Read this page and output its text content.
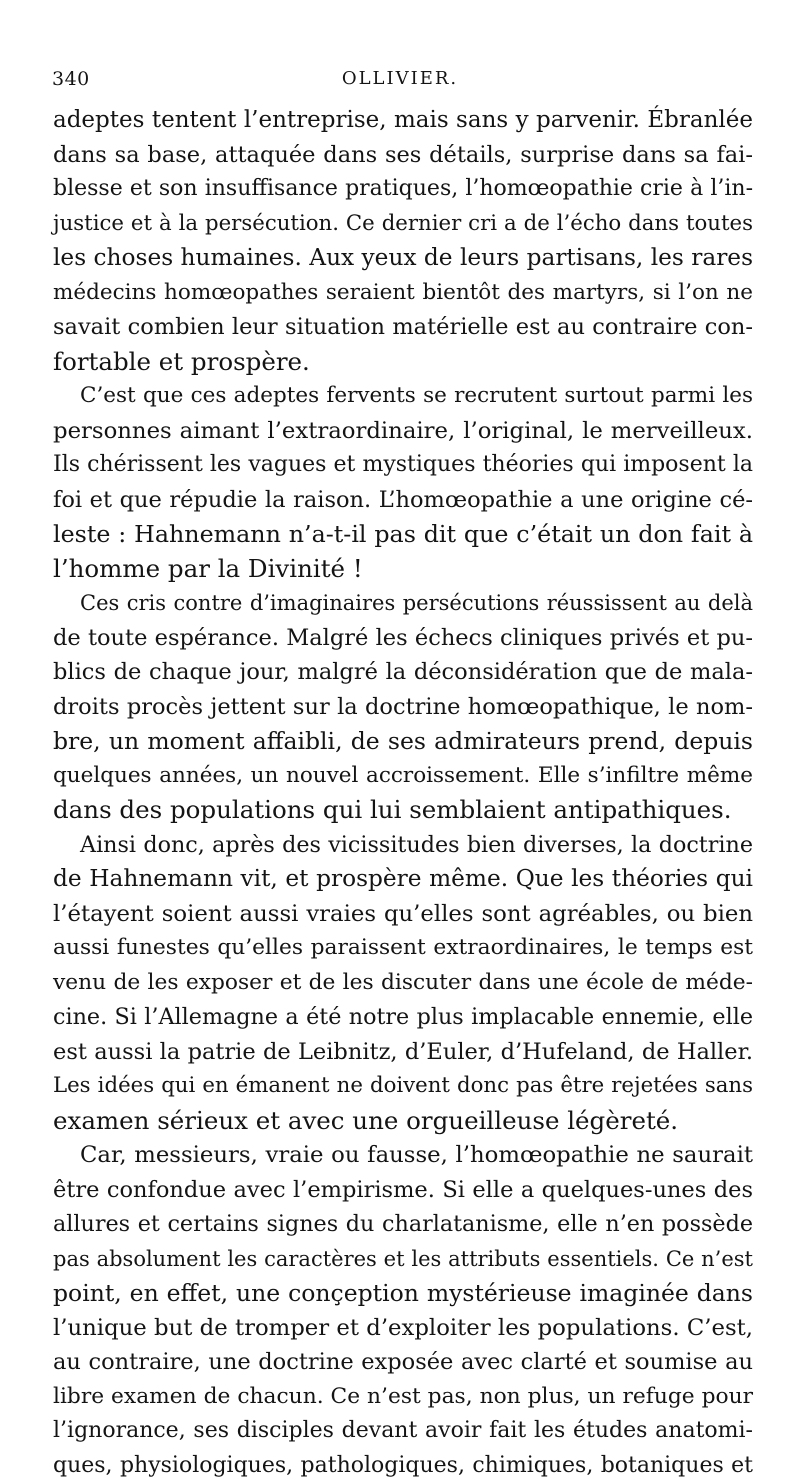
340	OLLIVIER.
adeptes tentent l’entreprise, mais sans y parvenir. Ébranlée
dans sa base, attaquée dans ses détails, surprise dans sa fai-
blesse et son insuffisance pratiques, l’homœopathie crie à l’in-
justice et à la persécution. Ce dernier cri a de l’écho dans toutes
les choses humaines. Aux yeux de leurs partisans, les rares
médecins homœopathes seraient bientôt des martyrs, si l’on ne
savait combien leur situation matérielle est au contraire con-
fortable et prospère.
C’est que ces adeptes fervents se recrutent surtout parmi les
personnes aimant l’extraordinaire, l’original, le merveilleux.
Ils chérissent les vagues et mystiques théories qui imposent la
foi et que répudie la raison. L’homœopathie a une origine cé-
leste : Hahnemann n’a-t-il pas dit que c’était un don fait à
l’homme par la Divinité !
Ces cris contre d’imaginaires persécutions réussissent au delà
de toute espérance. Malgré les échecs cliniques privés et pu-
blics de chaque jour, malgré la déconsidération que de mala-
droits procès jettent sur la doctrine homœopathique, le nom-
bre, un moment affaibli, de ses admirateurs prend, depuis
quelques années, un nouvel accroissement. Elle s’infiltre même
dans des populations qui lui semblaient antipathiques.
Ainsi donc, après des vicissitudes bien diverses, la doctrine
de Hahnemann vit, et prospère même. Que les théories qui
l’étayent soient aussi vraies qu’elles sont agréables, ou bien
aussi funestes qu’elles paraissent extraordinaires, le temps est
venu de les exposer et de les discuter dans une école de méde-
cine. Si l’Allemagne a été notre plus implacable ennemie, elle
est aussi la patrie de Leibnitz, d’Euler, d’Hufeland, de Haller.
Les idées qui en émanent ne doivent donc pas être rejetées sans
examen sérieux et avec une orgueilleuse légèreté.
Car, messieurs, vraie ou fausse, l’homœopathie ne saurait
être confondue avec l’empirisme. Si elle a quelques-unes des
allures et certains signes du charlatanisme, elle n’en possède
pas absolument les caractères et les attributs essentiels. Ce n’est
point, en effet, une conçeption mystérieuse imaginée dans
l’unique but de tromper et d’exploiter les populations. C’est,
au contraire, une doctrine exposée avec clarté et soumise au
libre examen de chacun. Ce n’est pas, non plus, un refuge pour
l’ignorance, ses disciples devant avoir fait les études anatomi-
ques, physiologiques, pathologiques, chimiques, botaniques et
